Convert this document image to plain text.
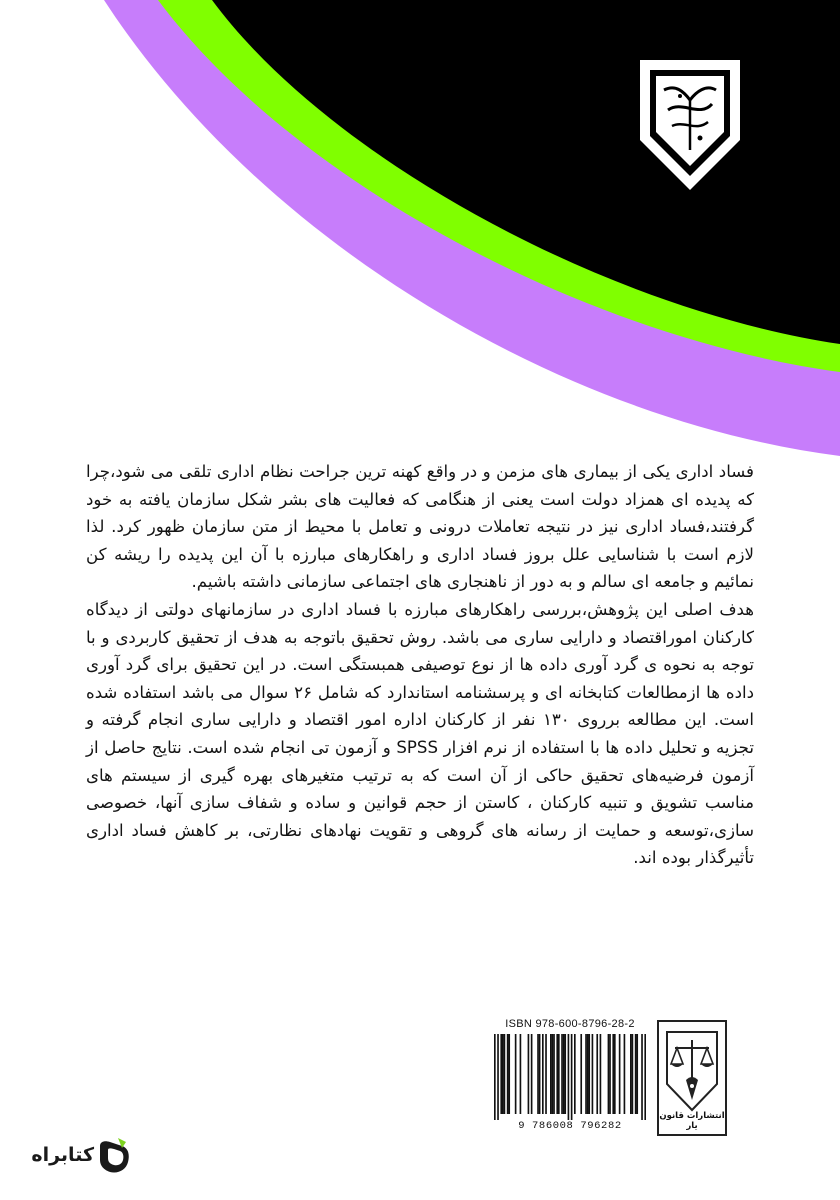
فساد اداری یکی از بیماری های مزمن و در واقع کهنه ترین جراحت نظام اداری تلقی می شود،چرا که پدیده ای همزاد دولت است یعنی از هنگامی که فعالیت های بشر شکل سازمان یافته به خود گرفتند،فساد اداری نیز در نتیجه تعاملات درونی و تعامل با محیط از متن سازمان ظهور کرد. لذا لازم است با شناسایی علل بروز فساد اداری و راهکارهای مبارزه با آن این پدیده را ریشه کن نمائیم و جامعه ای سالم و به دور از ناهنجاری های اجتماعی سازمانی داشته باشیم.

هدف اصلی این پژوهش،بررسی راهکارهای مبارزه با فساد اداری در سازمانهای دولتی از دیدگاه کارکنان اموراقتصاد و دارایی ساری می باشد. روش تحقیق باتوجه به هدف از تحقیق کاربردی و با توجه به نحوه ی گرد آوری داده ها از نوع توصیفی همبستگی است. در این تحقیق برای گرد آوری داده ها ازمطالعات کتابخانه ای و پرسشنامه استاندارد که شامل ۲۶ سوال می باشد استفاده شده است. این مطالعه برروی ۱۳۰ نفر از کارکنان اداره امور اقتصاد و دارایی ساری انجام گرفته و تجزیه و تحلیل داده ها با استفاده از نرم افزار SPSS و آزمون تی انجام شده است. نتایج حاصل از آزمون فرضیه‌های تحقیق حاکی از آن است که به ترتیب متغیرهای بهره گیری از سیستم های مناسب تشویق و تنبیه کارکنان ، کاستن از حجم قوانین و ساده و شفاف سازی آنها، خصوصی سازی،توسعه و حمایت از رسانه های گروهی و تقویت نهادهای نظارتی، بر کاهش فساد اداری تأثیرگذار بوده اند.

ISBN 978-600-8796-28-2
9 786008 796282
انتشارات قانون یار
کتابراه
